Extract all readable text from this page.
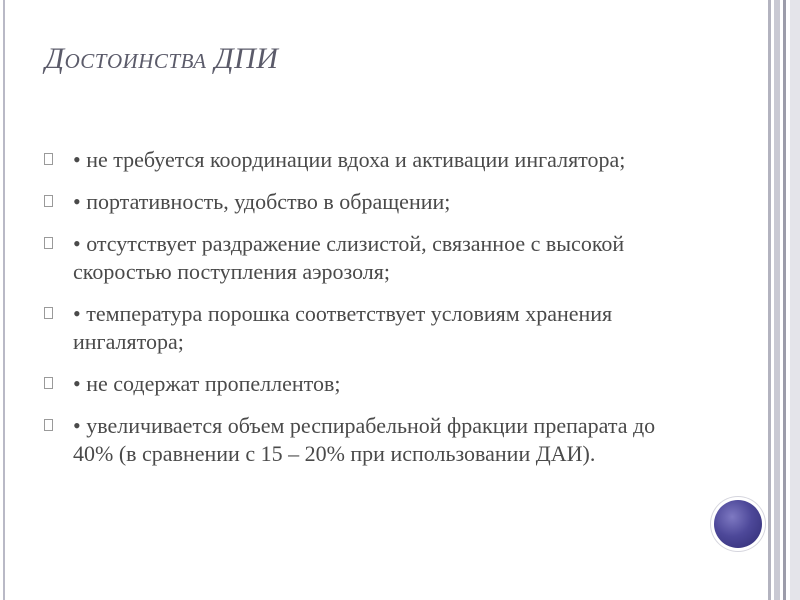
Достоинства ДПИ
• не требуется координации вдоха и активации ингалятора;
• портативность, удобство в обращении;
• отсутствует раздражение слизистой, связанное с высокой скоростью поступления аэрозоля;
• температура порошка соответствует условиям хранения ингалятора;
• не содержат пропеллентов;
• увеличивается объем респирабельной фракции препарата до 40% (в сравнении с 15 – 20% при использовании ДАИ).
